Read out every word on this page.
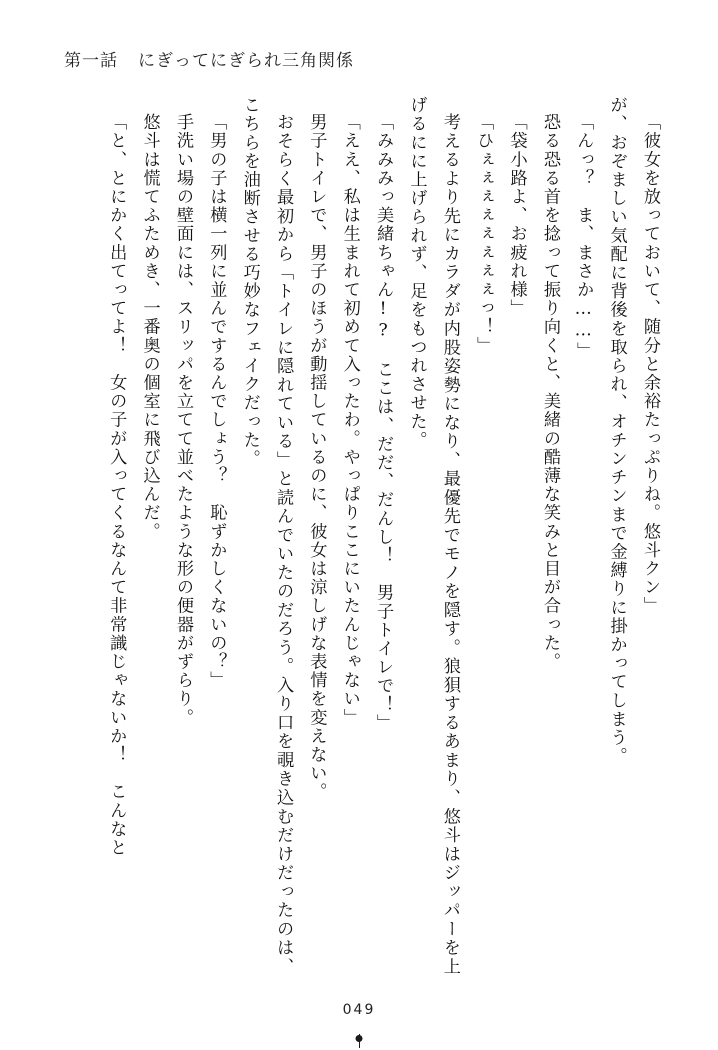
第一話 にぎってにぎられ三角関係

「彼女を放っておいて、随分と余裕たっぷりね。悠斗クン」

が、おぞましい気配に背後を取られ、オチンチンまで金縛りに掛かってしまう。

「んっ？　ま、まさか……」

恐る恐る首を捻って振り向くと、美緒の酷薄な笑みと目が合った。

「袋小路よ、お疲れ様」

「ひぇぇぇぇぇぇぇぇっ！」

考えるより先にカラダが内股姿勢になり、最優先でモノを隠す。狼狽するあまり、悠斗はジッパーを上げるにに上げられず、足をもつれさせた。

「みみみっ美緒ちゃん!?　ここは、だだ、だんし！　男子トイレで！」

「ええ、私は生まれて初めて入ったわ。やっぱりここにいたんじゃない」

男子トイレで、男子のほうが動揺しているのに、彼女は涼しげな表情を変えない。

おそらく最初から「トイレに隠れている」と読んでいたのだろう。入り口を覗き込むだけだったのは、こちらを油断させる巧妙なフェイクだった。

「男の子は横一列に並んでするんでしょう？　恥ずかしくないの？」

手洗い場の壁面には、スリッパを立てて並べたような形の便器がずらり。

悠斗は慌てふためき、一番奥の個室に飛び込んだ。

「と、とにかく出てってよ！　女の子が入ってくるなんて非常識じゃないか！　こんなと

049
